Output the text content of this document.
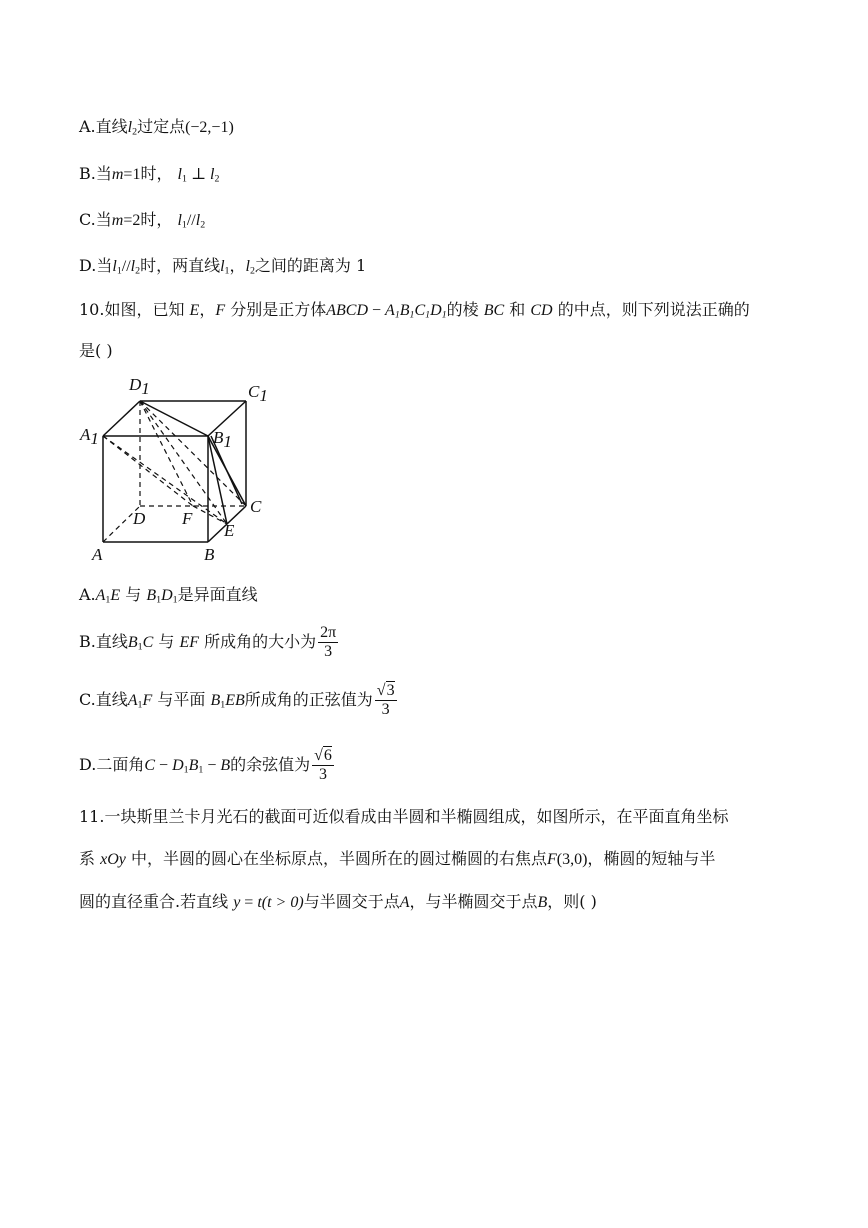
A.直线$l_2$过定点(−2,−1)
B.当m=1时， $l_1$ ⊥ $l_2$
C.当m=2时， $l_1//l_2$
D.当$l_1//l_2$时，两直线$l_1$，$l_2$之间的距离为 1
10.如图，已知 E，F 分别是正方体ABCD − $A_1B_1C_1D_1$的棱 BC 和 CD 的中点，则下列说法正确的
是( )
D1	C1
A1	B1
D F
C
E
A	B
$A.A_1E$ 与 $B_1D_1$是异面直线
B.直线$B_1C$ 与 EF 所成角的大小为 $\frac{2\pi}{3}$
C.直线$A_1F$ 与平面 $B_1EB$所成角的正弦值为 $\frac{√3}{3}$
D.二面角$C - D_1B_1 - B$的余弦值为 $\frac{√6}{3}$
11.一块斯里兰卡月光石的截面可近似看成由半圆和半椭圆组成，如图所示，在平面直角坐标
系 xOy 中，半圆的圆心在坐标原点，半圆所在的圆过椭圆的右焦点F(3,0)，椭圆的短轴与半
圆的直径重合.若直线 y = t(t > 0)与半圆交于点A，与半椭圆交于点B，则( )
